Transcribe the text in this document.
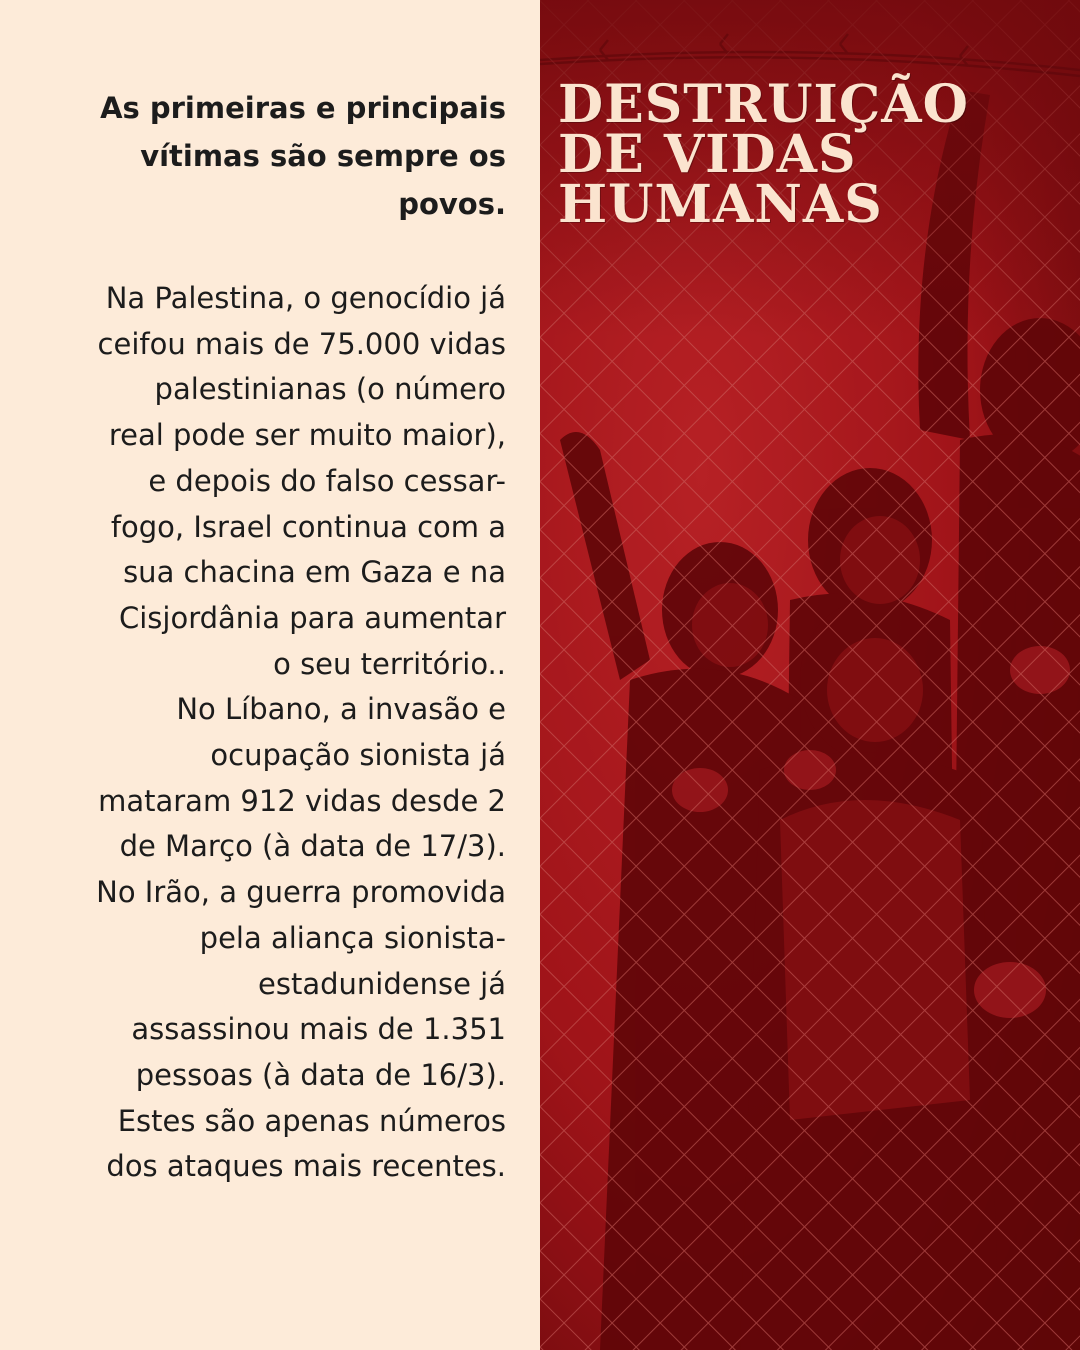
As primeiras e principais
vítimas são sempre os
povos.
Na Palestina, o genocídio já
ceifou mais de 75.000 vidas
palestinianas (o número
real pode ser muito maior),
e depois do falso cessar-
fogo, Israel continua com a
sua chacina em Gaza e na
Cisjordânia para aumentar
o seu território..
No Líbano, a invasão e
ocupação sionista já
mataram 912 vidas desde 2
de Março (à data de 17/3).
No Irão, a guerra promovida
pela aliança sionista-
estadunidense já
assassinou mais de 1.351
pessoas (à data de 16/3).
Estes são apenas números
dos ataques mais recentes.
DESTRUIÇÃO
DE VIDAS
HUMANAS
